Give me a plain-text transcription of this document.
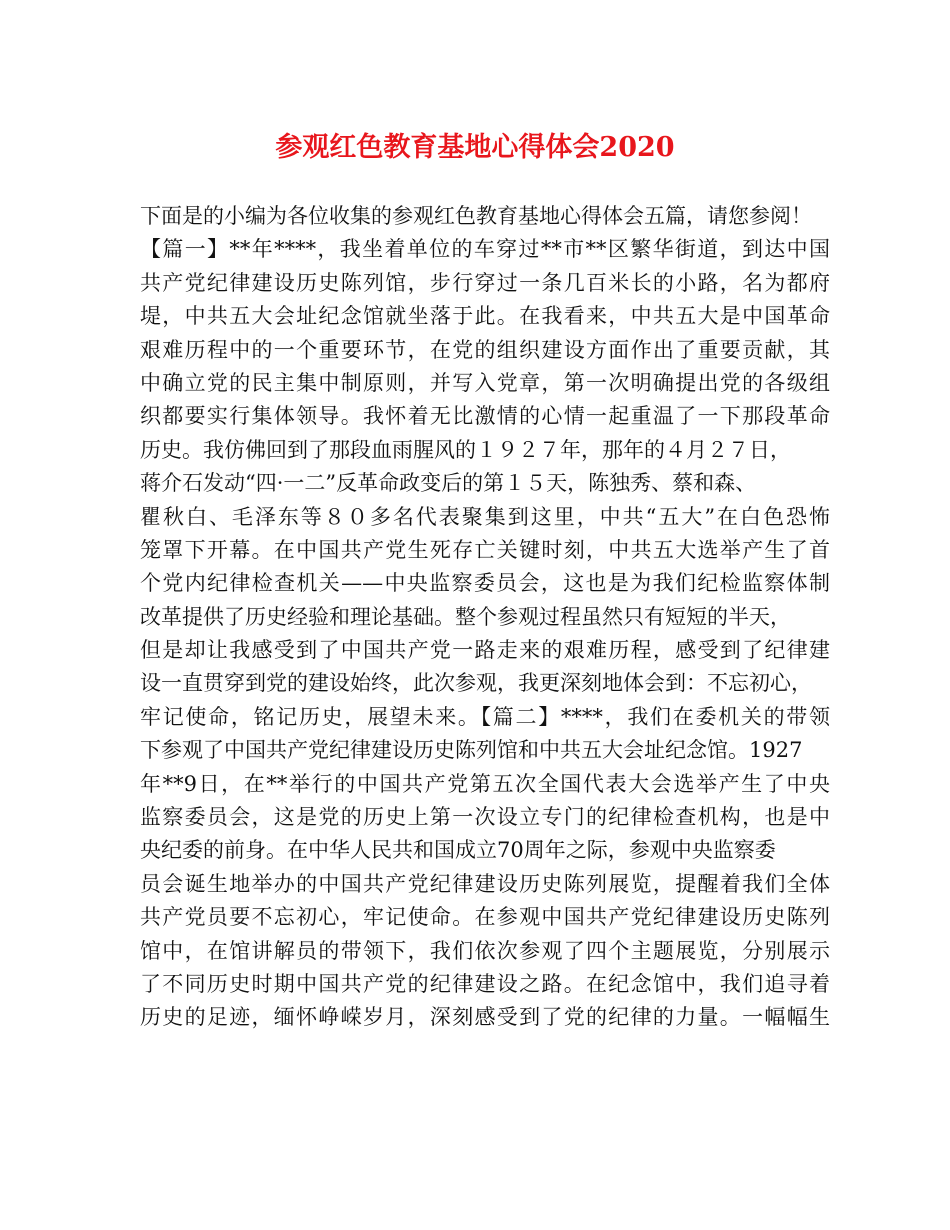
参观红色教育基地心得体会2020
下面是的小编为各位收集的参观红色教育基地心得体会五篇，请您参阅！
【篇一】**年****，我坐着单位的车穿过**市**区繁华街道，到达中国
共产党纪律建设历史陈列馆，步行穿过一条几百米长的小路，名为都府
堤，中共五大会址纪念馆就坐落于此。在我看来，中共五大是中国革命
艰难历程中的一个重要环节，在党的组织建设方面作出了重要贡献，其
中确立党的民主集中制原则，并写入党章，第一次明确提出党的各级组
织都要实行集体领导。我怀着无比激情的心情一起重温了一下那段革命
历史。我仿佛回到了那段血雨腥风的１９２７年，那年的４月２７日，
蒋介石发动“四·一二”反革命政变后的第１５天，陈独秀、蔡和森、
瞿秋白、毛泽东等８０多名代表聚集到这里，中共“五大”在白色恐怖
笼罩下开幕。在中国共产党生死存亡关键时刻，中共五大选举产生了首
个党内纪律检查机关——中央监察委员会，这也是为我们纪检监察体制
改革提供了历史经验和理论基础。整个参观过程虽然只有短短的半天，
但是却让我感受到了中国共产党一路走来的艰难历程，感受到了纪律建
设一直贯穿到党的建设始终，此次参观，我更深刻地体会到：不忘初心，
牢记使命，铭记历史，展望未来。【篇二】****，我们在委机关的带领
下参观了中国共产党纪律建设历史陈列馆和中共五大会址纪念馆。1927
年**9日，在**举行的中国共产党第五次全国代表大会选举产生了中央
监察委员会，这是党的历史上第一次设立专门的纪律检查机构，也是中
央纪委的前身。在中华人民共和国成立70周年之际，参观中央监察委
员会诞生地举办的中国共产党纪律建设历史陈列展览，提醒着我们全体
共产党员要不忘初心，牢记使命。在参观中国共产党纪律建设历史陈列
馆中，在馆讲解员的带领下，我们依次参观了四个主题展览，分别展示
了不同历史时期中国共产党的纪律建设之路。在纪念馆中，我们追寻着
历史的足迹，缅怀峥嵘岁月，深刻感受到了党的纪律的力量。一幅幅生
